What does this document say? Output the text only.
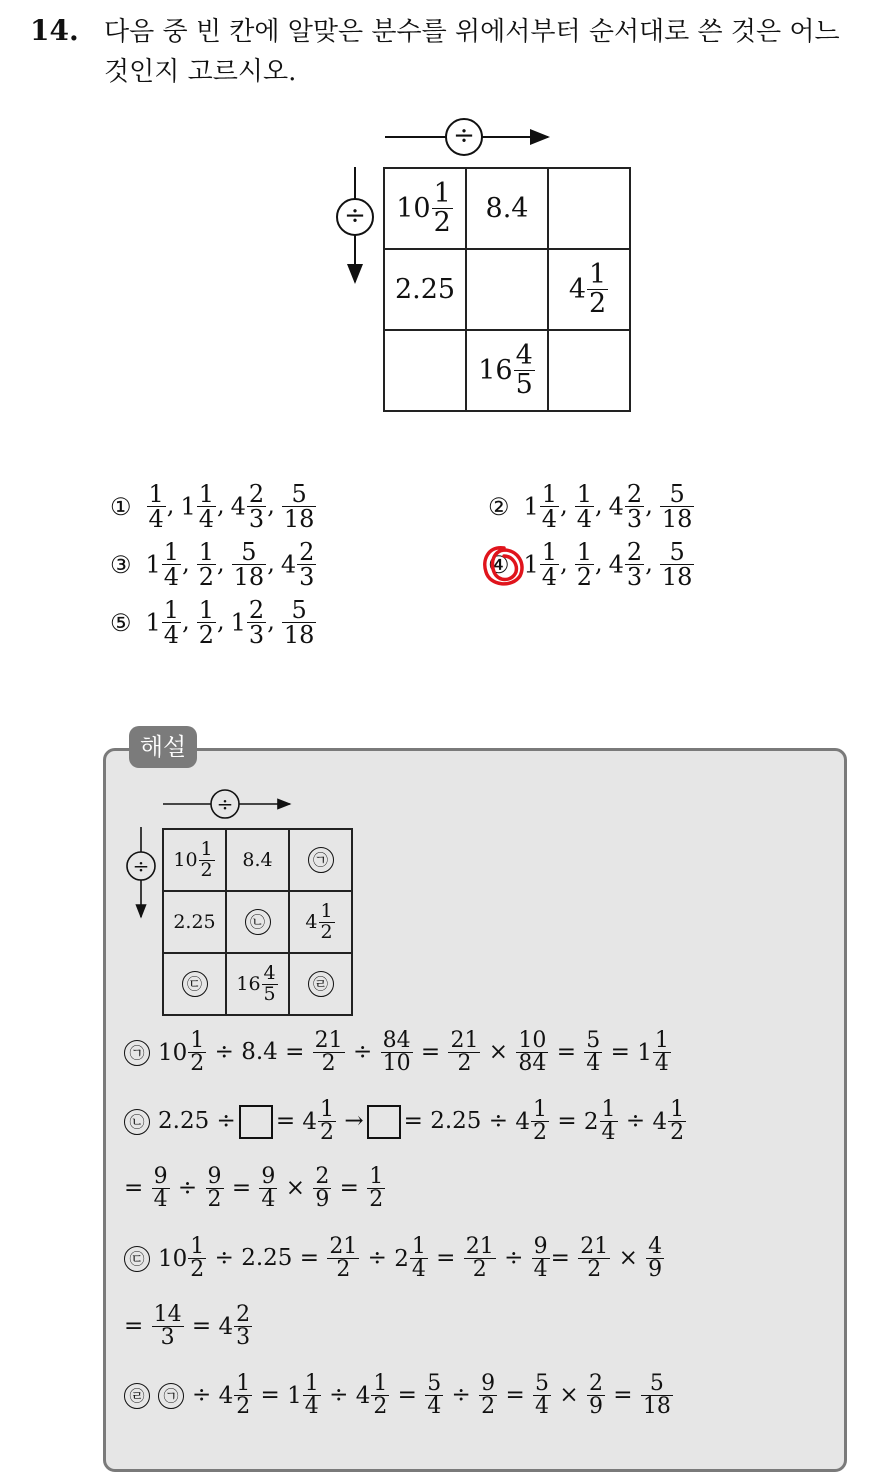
14. 다음 중 빈 칸에 알맞은 분수를 위에서부터 순서대로 쓴 것은 어느 것인지 고르시오.
÷
÷ $10 \frac{1}{2}$	8.4	
2.25		$4 \frac{1}{2}$

	$16 \frac{4}{5}$

① $\frac{1}{4}$ , $1 \frac{1}{4}$ , $4 \frac{2}{3}$ , $\frac{5}{18}$	② $1 \frac{1}{4}$ , $\frac{1}{4}$ , $4 \frac{2}{3}$ , $\frac{5}{18}$
③ $1 \frac{1}{4}$ , $\frac{1}{2}$ , $\frac{5}{18}$ , $4 \frac{2}{3}$	④ $1 \frac{1}{4}$ , $\frac{1}{2}$ , $4 \frac{2}{3}$ , $\frac{5}{18}$
⑤ $1 \frac{1}{4}$ , $\frac{1}{2}$ , $1 \frac{2}{3}$ , $\frac{5}{18}$
해설
÷
÷ $10 \frac{1}{2}$	8.4	㉠
2.25	㉡	$4 \frac{1}{2}$

㉢	$16 \frac{4}{5}$	㉣
㉠ $10 \frac{1}{2} \div 8.4 = \frac{21}{2} \div \frac{84}{10} = \frac{21}{2} \times \frac{10}{84} = \frac{5}{4} = 1 \frac{1}{4}$
㉡ 2.25 ÷ = $4 \frac{1}{2}$ → = $2.25 \div 4 \frac{1}{2} = 2 \frac{1}{4} \div 4 \frac{1}{2}$
= $\frac{9}{4} \div \frac{9}{2} = \frac{9}{4} \times \frac{2}{9} = \frac{1}{2}$
㉢ $10 \frac{1}{2} \div 2.25 = \frac{21}{2} \div 2 \frac{1}{4} = \frac{21}{2} \div \frac{9}{4} = \frac{21}{2} \times \frac{4}{9}$
= $\frac{14}{3} = 4 \frac{2}{3}$
㉣ ㉠ ÷ $4 \frac{1}{2} = 1 \frac{1}{4} \div 4 \frac{1}{2} = \frac{5}{4} \div \frac{9}{2} = \frac{5}{4} \times \frac{2}{9} = \frac{5}{18}$
